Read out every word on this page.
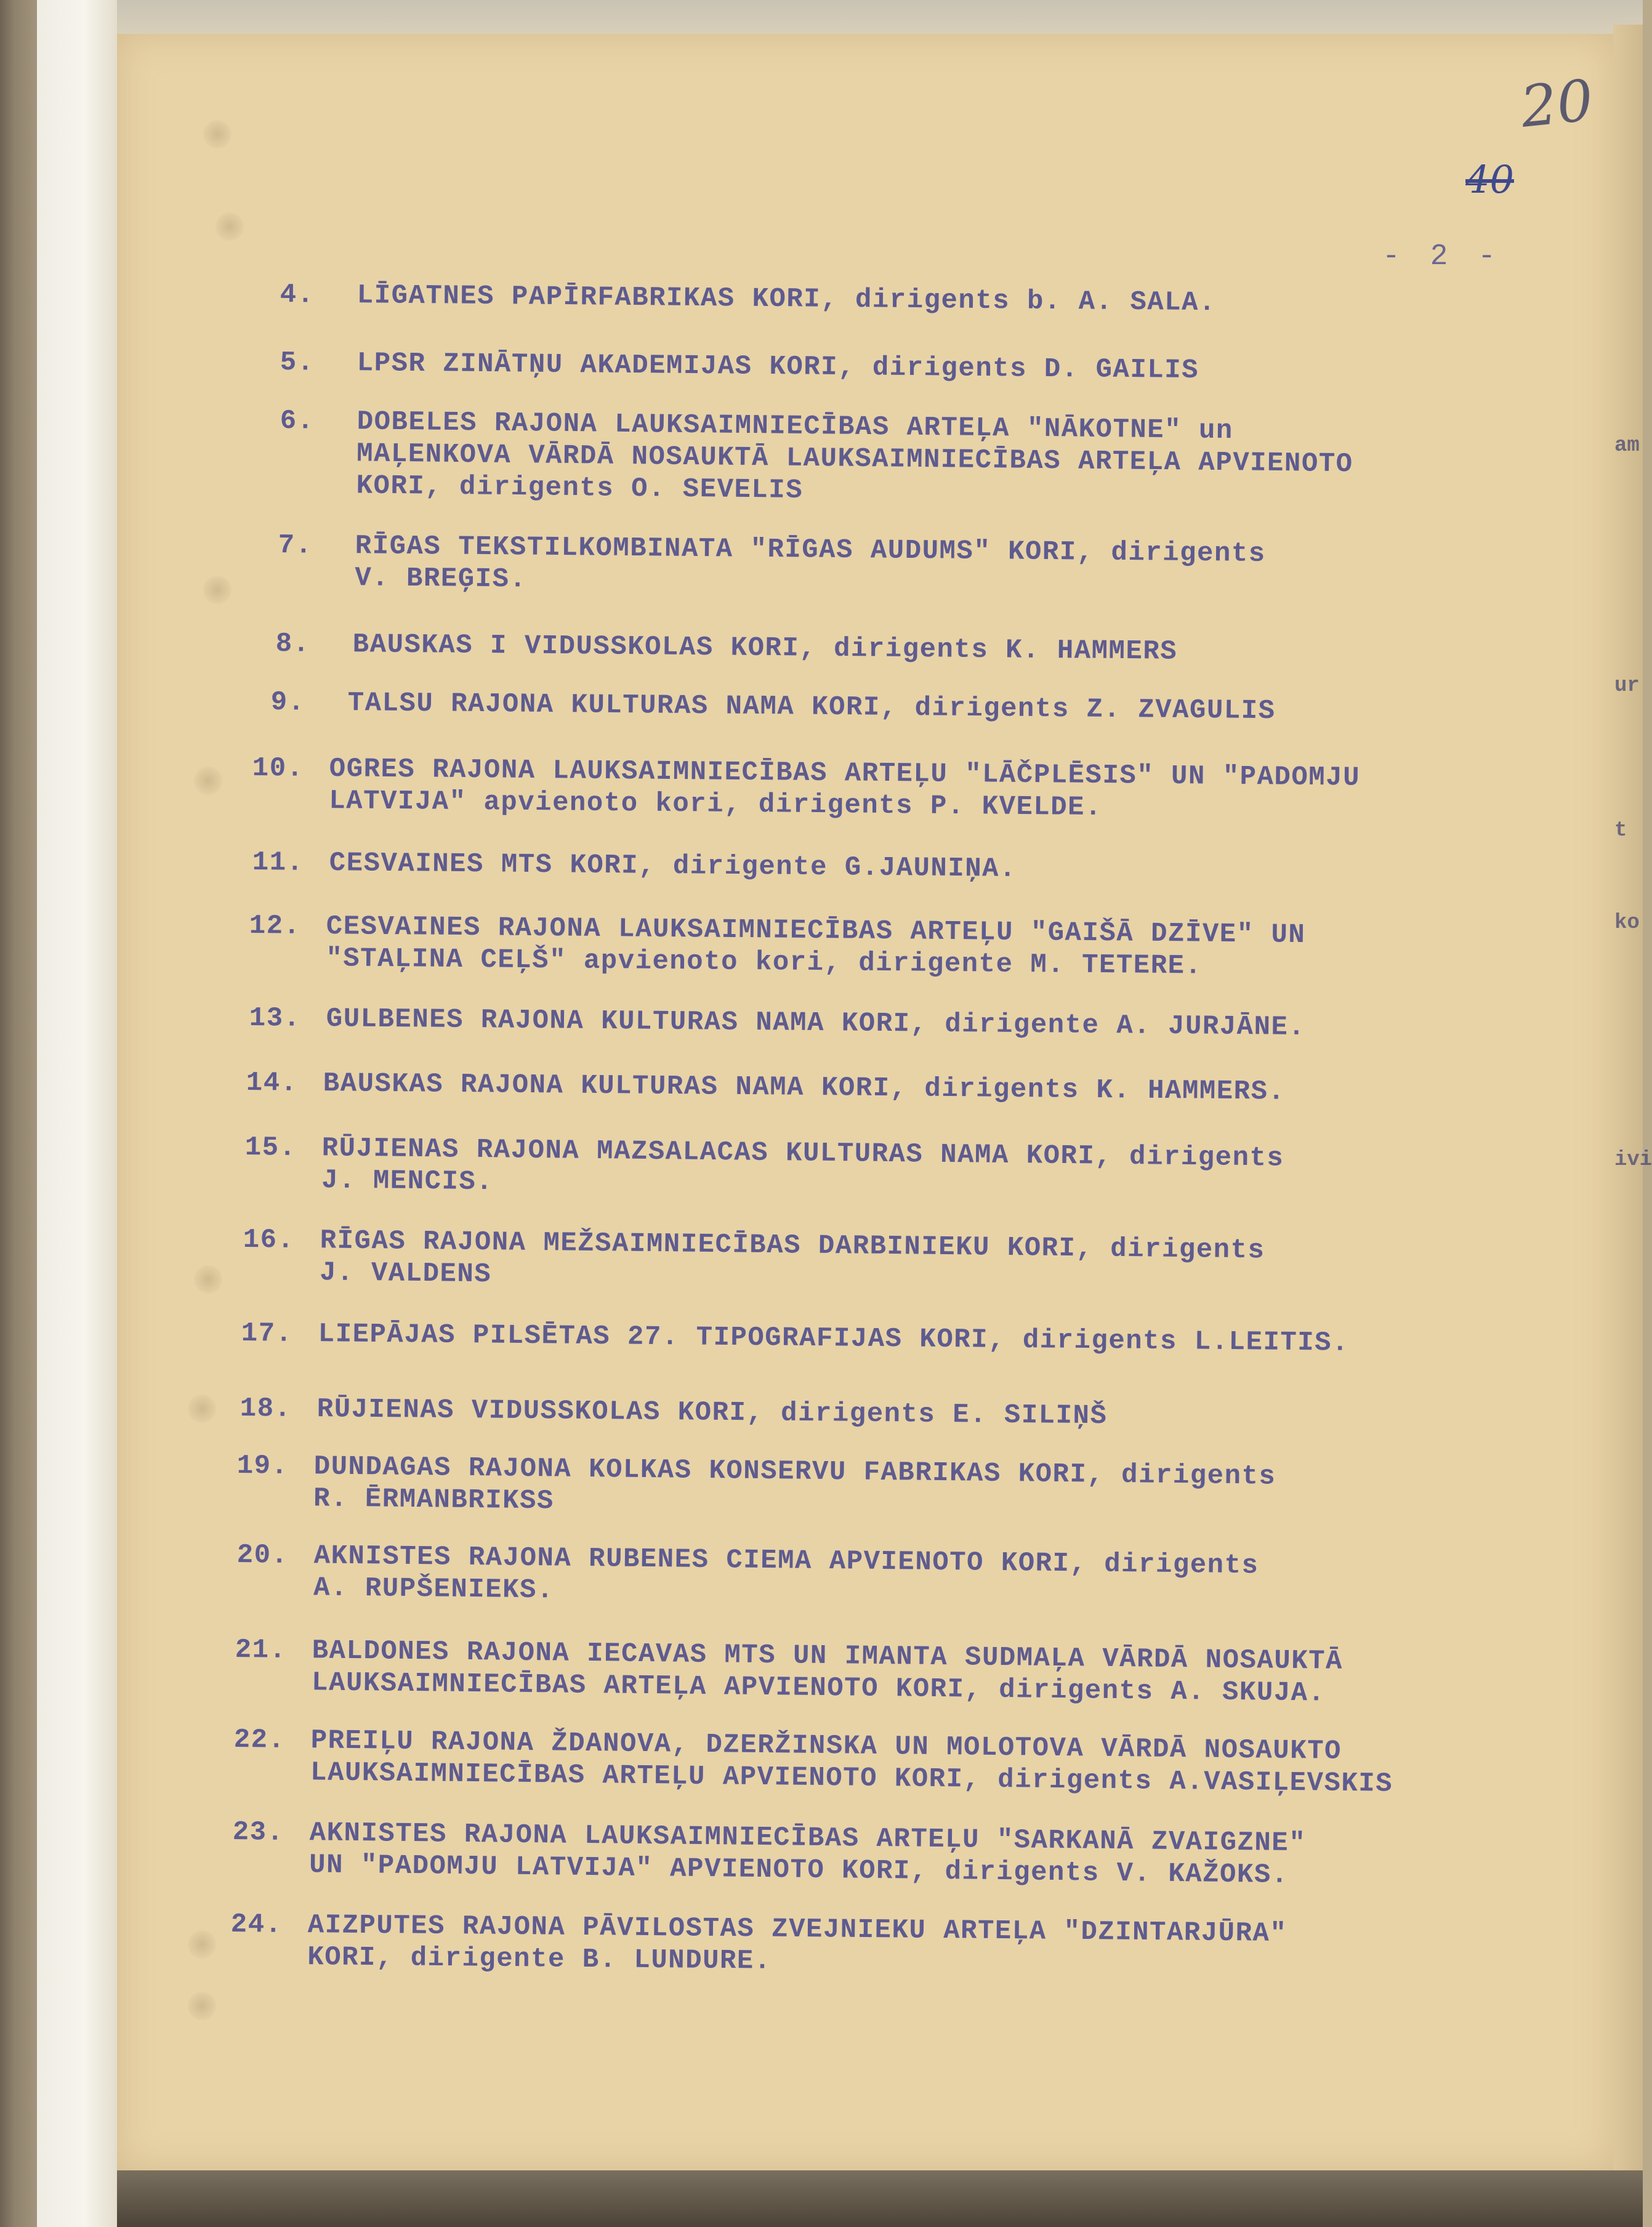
am
ur
t
ko
ivi
20
40
- 2 -
4.	LĪGATNES PAPĪRFABRIKAS KORI, dirigents b. A. SALA.
5.	LPSR ZINĀTŅU AKADEMIJAS KORI, dirigents D. GAILIS
6.	DOBELES RAJONA LAUKSAIMNIECĪBAS ARTEĻA "NĀKOTNE" un
MAĻENKOVA VĀRDĀ NOSAUKTĀ LAUKSAIMNIECĪBAS ARTEĻA APVIENOTO
KORI, dirigents O. SEVELIS
7.	RĪGAS TEKSTILKOMBINATA "RĪGAS AUDUMS" KORI, dirigents
V. BREĢIS.
8.	BAUSKAS I VIDUSSKOLAS KORI, dirigents K. HAMMERS
9.	TALSU RAJONA KULTURAS NAMA KORI, dirigents Z. ZVAGULIS
10. OGRES RAJONA LAUKSAIMNIECĪBAS ARTEĻU "LĀČPLĒSIS" UN "PADOMJU
LATVIJA" apvienoto kori, dirigents P. KVELDE.
11. CESVAINES MTS KORI, dirigente G.JAUNIŅA.
12. CESVAINES RAJONA LAUKSAIMNIECĪBAS ARTEĻU "GAIŠĀ DZĪVE" UN
"STAĻINA CEĻŠ" apvienoto kori, dirigente M. TETERE.
13. GULBENES RAJONA KULTURAS NAMA KORI, dirigente A. JURJĀNE.
14. BAUSKAS RAJONA KULTURAS NAMA KORI, dirigents K. HAMMERS.
15. RŪJIENAS RAJONA MAZSALACAS KULTURAS NAMA KORI, dirigents
J. MENCIS.
16. RĪGAS RAJONA MEŽSAIMNIECĪBAS DARBINIEKU KORI, dirigents
J. VALDENS
17. LIEPĀJAS PILSĒTAS 27. TIPOGRAFIJAS KORI, dirigents L.LEITIS.
18. RŪJIENAS VIDUSSKOLAS KORI, dirigents E. SILIŅŠ
19. DUNDAGAS RAJONA KOLKAS KONSERVU FABRIKAS KORI, dirigents
R. ĒRMANBRIKSS
20. AKNISTES RAJONA RUBENES CIEMA APVIENOTO KORI, dirigents
A. RUPŠENIEKS.
21. BALDONES RAJONA IECAVAS MTS UN IMANTA SUDMAĻA VĀRDĀ NOSAUKTĀ
LAUKSAIMNIECĪBAS ARTEĻA APVIENOTO KORI, dirigents A. SKUJA.
22. PREIĻU RAJONA ŽDANOVA, DZERŽINSKA UN MOLOTOVA VĀRDĀ NOSAUKTO
LAUKSAIMNIECĪBAS ARTEĻU APVIENOTO KORI, dirigents A.VASIĻEVSKIS
23. AKNISTES RAJONA LAUKSAIMNIECĪBAS ARTEĻU "SARKANĀ ZVAIGZNE"
UN "PADOMJU LATVIJA" APVIENOTO KORI, dirigents V. KAŽOKS.
24. AIZPUTES RAJONA PĀVILOSTAS ZVEJNIEKU ARTEĻA "DZINTARJŪRA"
KORI, dirigente B. LUNDURE.
